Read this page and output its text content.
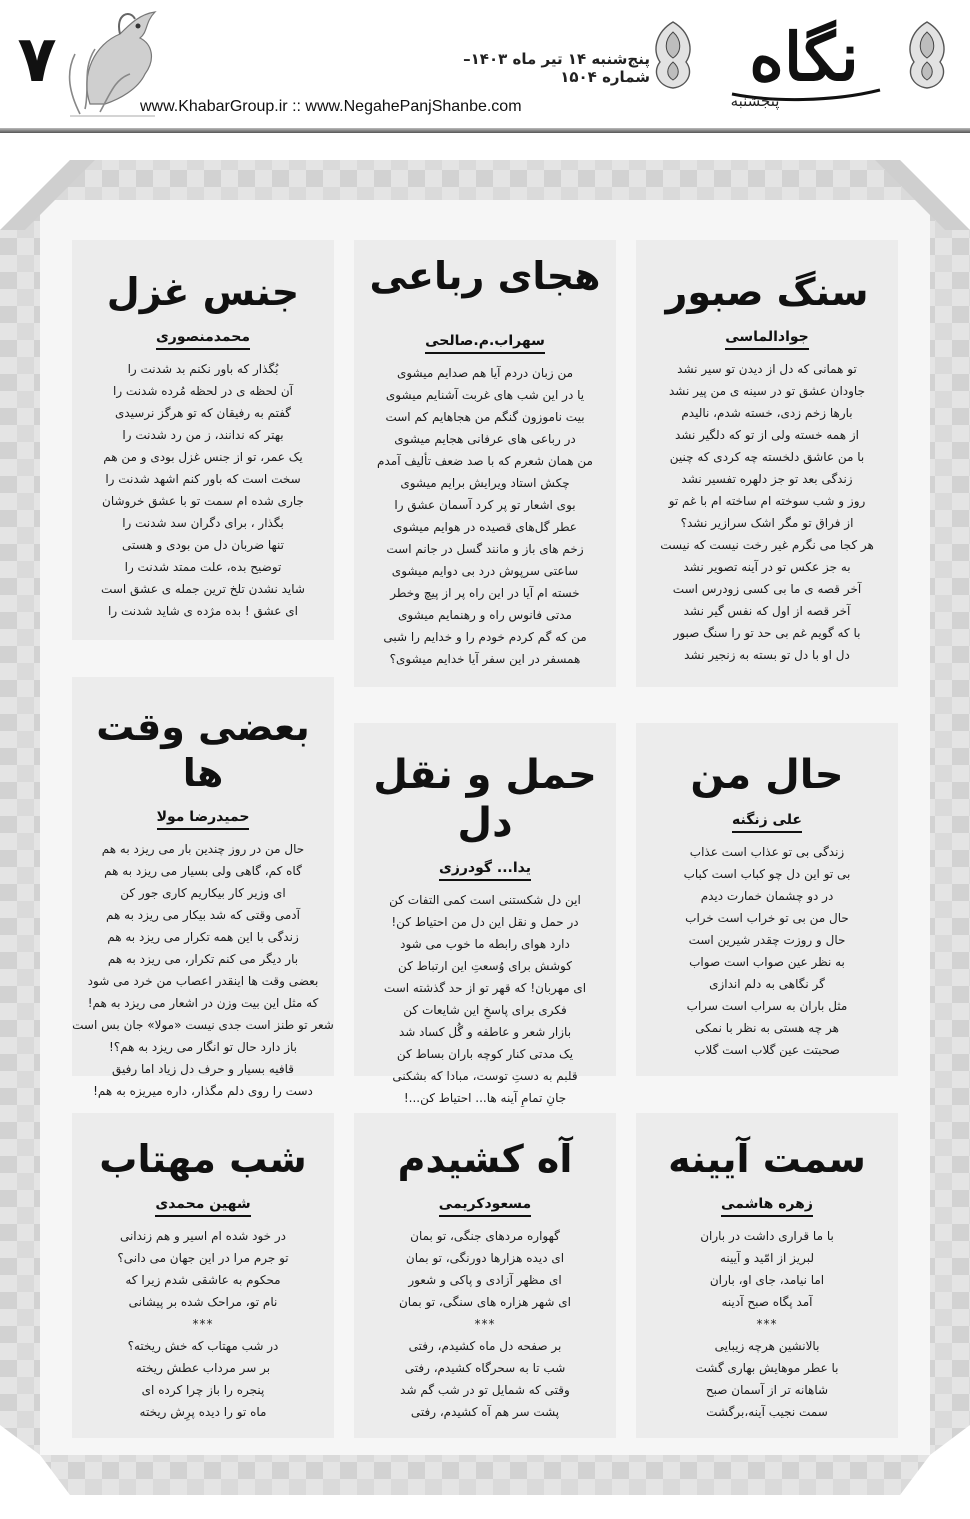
۷	پنج‌شنبه ۱۴ تیر ماه ۱۴۰۳– شماره ۱۵۰۴
www.KhabarGroup.ir :: www.NegahePanjShanbe.com
نگاه
پنجشنبه
سنگ صبور
جوادالماسی
تو همانی که دل از دیدن تو سیر نشد
جاودان عشق تو در سینه ی من پیر نشد
بارها زخم زدی، خسته شدم، نالیدم
از همه خسته ولی از تو که دلگیر نشد
با من عاشق دلخسته چه کردی که چنین
زندگی بعد تو جز دلهره تفسیر نشد
روز و شب سوخته ام ساخته ام با غم تو
از فراق تو مگر اشک سرازیر نشد؟
هر کجا می نگرم غیر رخت نیست که نیست
به جز عکس تو در آینه تصویر نشد
آخر قصه ی ما بی کسی زودرس است
آخر قصه از اول که نفس گیر نشد
با که گویم غم بی حد تو را سنگ صبور
دل او با دل تو بسته به زنجیر نشد
هجای رباعی
سهراب.م.صالحی
من زبان دردم آیا هم صدایم میشوی
یا در این شب های غربت آشنایم میشوی
بیت ناموزون گنگم من هجاهایم کم است
در رباعی های عرفانی هجایم میشوی
من همان شعرم که با صد ضعف تألیف آمدم
چکش استاد ویرایش برایم میشوی
بوی اشعار تو پر کرد آسمان عشق را
عطر گل‌های قصیده در هوایم میشوی
زخم های باز و مانند گسل در جانم است
ساعتی سرپوش درد بی دوایم میشوی
خسته ام آیا در این راه پر از پیچ وخطر
مدتی فانوس راه و رهنمایم میشوی
من که گم کردم خودم را و خدایم را شبی
همسفر در این سفر آیا خدایم میشوی؟
جنس غزل
محمدمنصوری
بُگذار که باور نکنم بد شدنت را
آن لحظه ی در لحظه مُرده شدنت را
گفتم به رفیقان که تو هرگز نرسیدی
بهتر که ندانند، ز من رد شدنت را
یک عمر، تو از جنس غزل بودی و من هم
سخت است که باور کنم اشهد شدنت را
جاری شده ام سمت تو با عشق خروشان
بگذار ، برای دگران سد شدنت را
تنها ضربان دل من بودی و هستی
توضیح بده، علت ممتد شدنت را
شاید نشدن تلخ ترین جمله ی عشق است
ای عشق ! بده مژده ی شاید شدنت را
حال من
علی زنگنه
زندگی بی تو عذاب است عذاب
بی تو این دل چو کباب است کباب
در دو چشمان خمارت دیدم
حال من بی تو خراب است خراب
حال و روزت چقدر شیرین است
به نظر عین صواب است صواب
گر نگاهی به دلم اندازی
مثل باران به سراب است سراب
هر چه هستی به نظر با نمکی
صحبتت عین گلاب است گلاب
حمل و نقل دل
یدا... گودرزی
این دل شکستنی است کمی التفات کن
در حمل و نقل این دل من احتیاط کن!
دارد هوای رابطه ما خوب می شود
کوشش برای وُسعتِ این ارتباط کن
ای مهربان! که قهر تو از حد گذشته است
فکری برای پاسخِ این شایعات کن
بازار شعر و عاطفه و گُل کساد شد
یک مدتی کنار کوچه باران بساط کن
قلبم به دستِ توست، مبادا که بشکنی
جانِ تمامِ آینه ها... احتیاط کن...!
بعضی وقت ها
حمیدرضا مولا
حال من در روز چندین بار می ریزد به هم
گاه کم، گاهی ولی بسیار می ریزد به هم
ای وزیر کار بیکاریم کاری جور کن
آدمی وقتی که شد بیکار می ریزد به هم
زندگی با این همه تکرار می ریزد به هم
بار دیگر می کنم تکرار، می ریزد به هم
بعضی وقت ها اینقدر اعصاب من خرد می شود
که مثل این بیت وزن در اشعار می ریزد به هم!
شعر تو طنز است جدی نیست «مولا» جان بس است
باز دارد حال تو انگار می ریزد به هم؟!
قافیه بسیار و حرف دل زیاد اما رفیق
دست را روی دلم مگذار، داره میریزه به هم!
سمت آیینه
زهره هاشمی
با ما قراری داشت در باران
لبریز از امّید و آیینه
اما نیامد، جای او، باران
آمد پگاه صبح آدینه
***
بالانشین هرچه زیبایی
با عطر موهایش بهاری گشت
شاهانه تر از آسمان صبح
سمت نجیب آینه،برگشت
آه کشیدم
مسعودکریمی
گهواره مردهای جنگی، تو بمان
ای دیده هزارها دورنگی، تو بمان
ای مظهر آزادی و پاکی و شعور
ای شهر هزاره های سنگی، تو بمان
***
بر صفحه دل ماه کشیدم، رفتی
شب تا به سحرگاه کشیدم، رفتی
وقتی که شمایل تو در شب گم شد
پشت سر هم آه کشیدم، رفتی
شب مهتاب
شهین محمدی
در خود شده ام اسیر و هم زندانی
تو جرم مرا در این جهان می دانی؟
محکوم به عاشقی شدم زیرا که
نام تو، مراحک شده بر پیشانی
***
در شب مهتاب که خش ریخته؟
بر سر مرداب عطش ریخته
پنجره را باز چرا کرده ای
ماه تو را دیده پرِش ریخته
